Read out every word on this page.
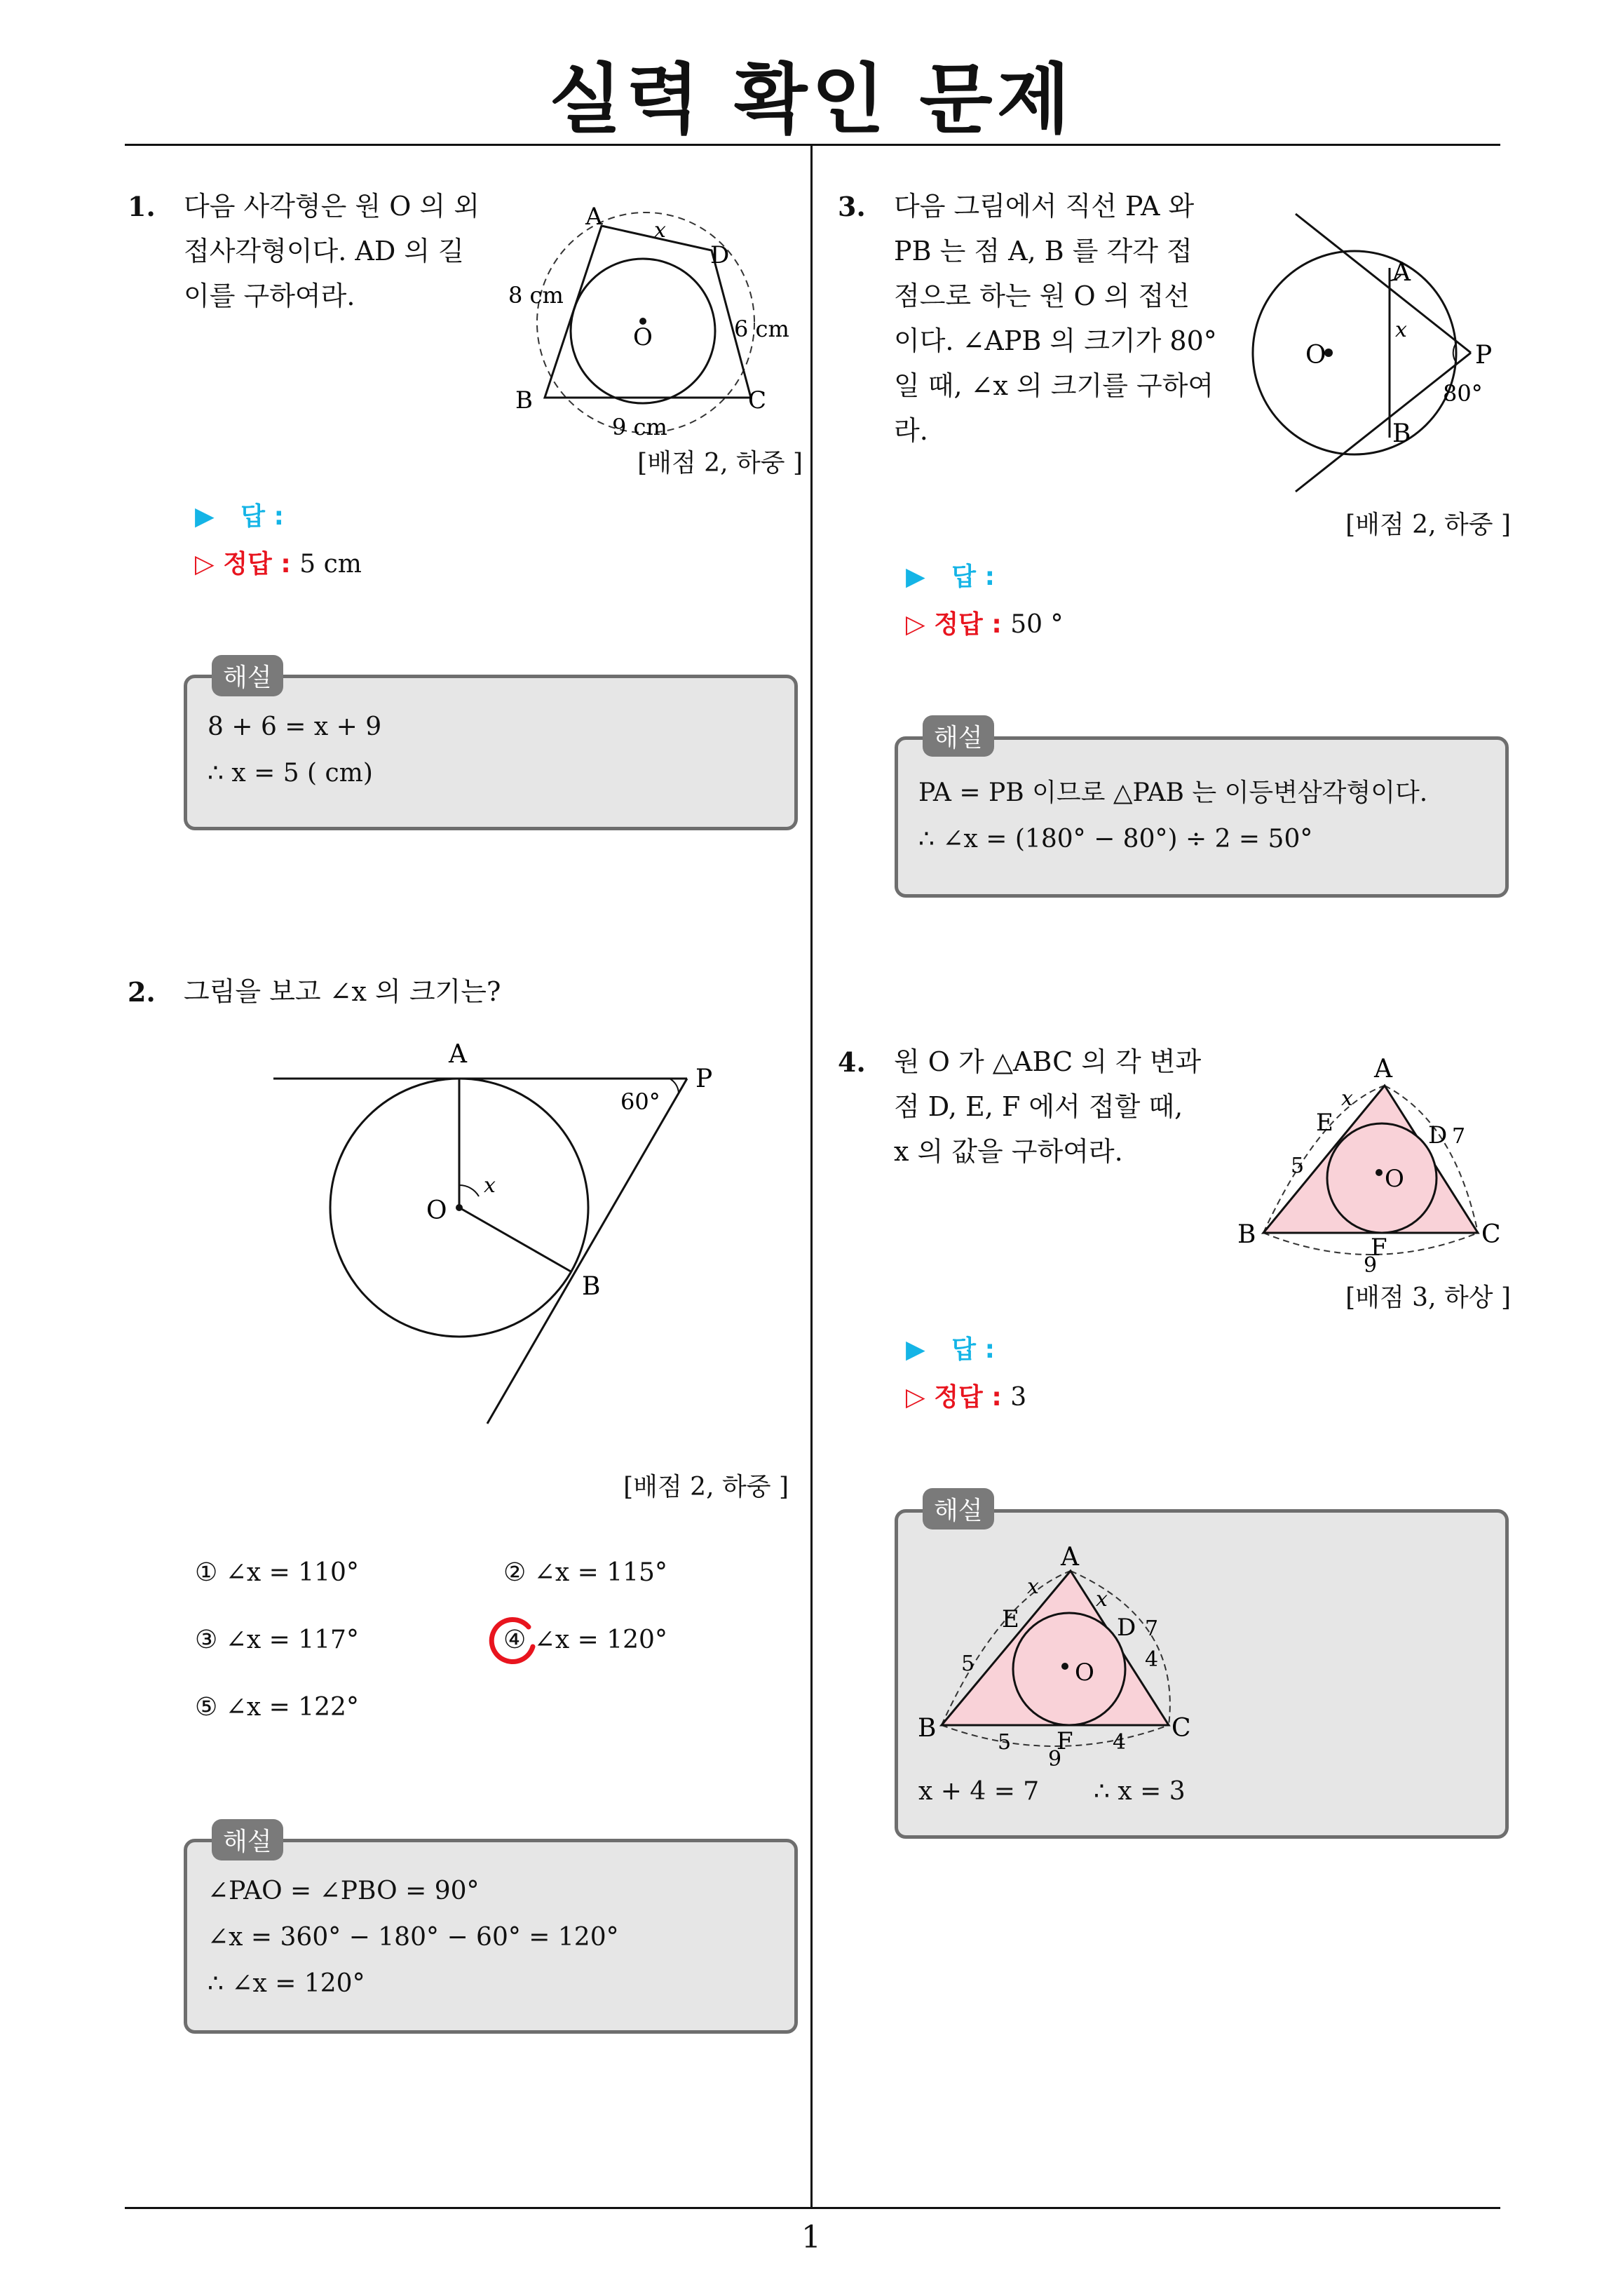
실력 확인 문제
1
1. 다음 사각형은 원 O 의 외
접사각형이다. AD 의 길
이를 구하여라.
A x
D
8 cm
6 cm
O
B	C
9 cm
[배점 2, 하중 ]
▶ 답 :
▷ 정답 : 5 cm
해설
8 + 6 = x + 9
∴ x = 5 ( cm)
2. 그림을 보고 ∠x 의 크기는?
A
P
60°
x
O
B
[배점 2, 하중 ]
① ∠x = 110°	② ∠x = 115°
③ ∠x = 117°	④ ∠x = 120°
⑤ ∠x = 122°
해설
∠PAO = ∠PBO = 90°
∠x = 360° − 180° − 60° = 120°
∴ ∠x = 120°
3. 다음 그림에서 직선 PA 와
PB 는 점 A, B 를 각각 접
점으로 하는 원 O 의 접선
이다. ∠APB 의 크기가 80°
일 때, ∠x 의 크기를 구하여
라.
A
x
O	P
80°
B
[배점 2, 하중 ]
▶ 답 :
▷ 정답 : 50 °
해설
PA = PB 이므로 △PAB 는 이등변삼각형이다.
∴ ∠x = (180° − 80°) ÷ 2 = 50°
4. 원 O 가 △ABC 의 각 변과
점 D, E, F 에서 접할 때,
x 의 값을 구하여라.
A
x
E	D 7
5	O
B	C
F
9
[배점 3, 하상 ]
▶ 답 :
▷ 정답 : 3
해설
A
x
x
E	D 7
4
5	O
B	C
5 F 4
9
x + 4 = 7 ∴ x = 3
